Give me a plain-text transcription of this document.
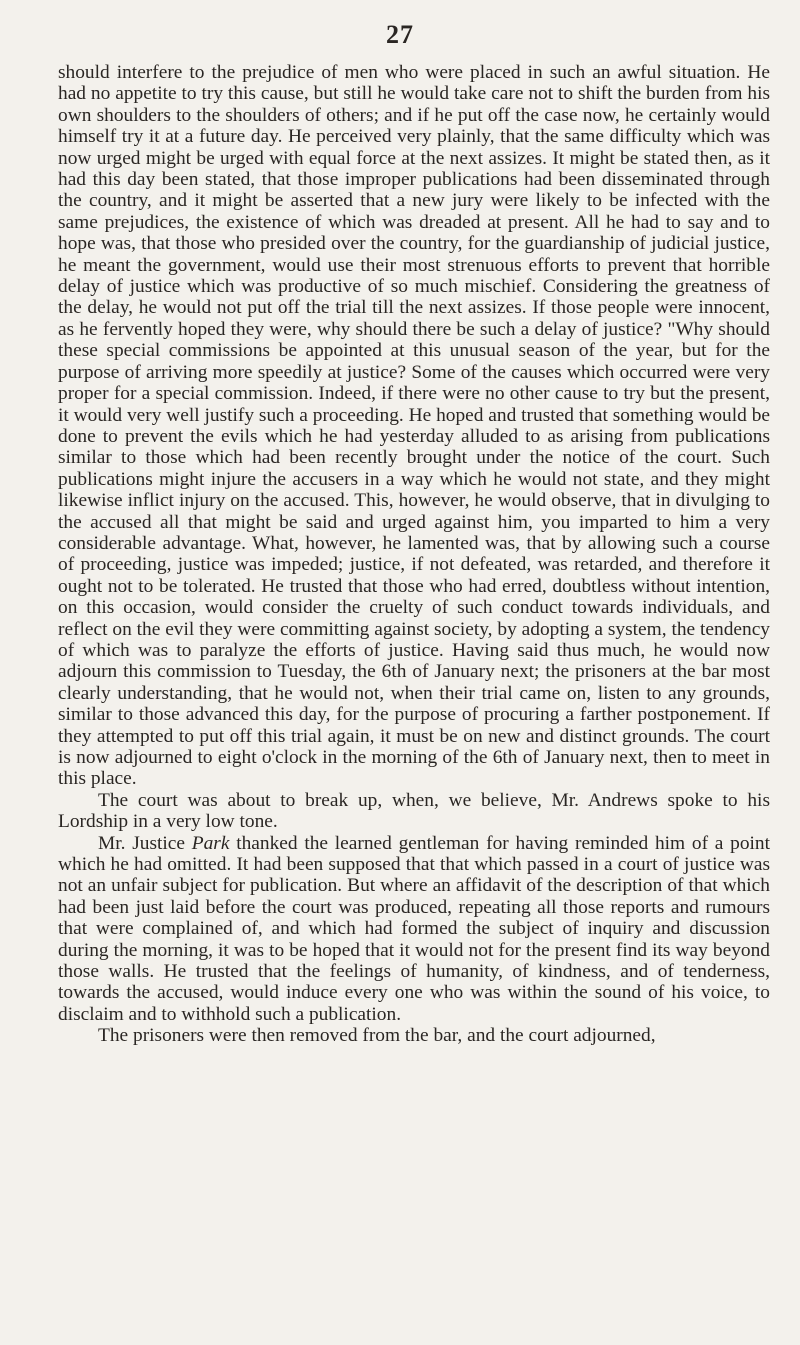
27

should interfere to the prejudice of men who were placed in such an awful situation. He had no appetite to try this cause, but still he would take care not to shift the burden from his own shoulders to the shoulders of others; and if he put off the case now, he certainly would himself try it at a future day. He perceived very plainly, that the same difficulty which was now urged might be urged with equal force at the next assizes. It might be stated then, as it had this day been stated, that those improper publications had been disseminated through the country, and it might be asserted that a new jury were likely to be infected with the same prejudices, the existence of which was dreaded at present. All he had to say and to hope was, that those who presided over the country, for the guardianship of judicial justice, he meant the government, would use their most strenuous efforts to prevent that horrible delay of justice which was productive of so much mischief. Considering the greatness of the delay, he would not put off the trial till the next assizes. If those people were innocent, as he fervently hoped they were, why should there be such a delay of justice? "Why should these special commissions be appointed at this unusual season of the year, but for the purpose of arriving more speedily at justice? Some of the causes which occurred were very proper for a special commission. Indeed, if there were no other cause to try but the present, it would very well justify such a proceeding. He hoped and trusted that something would be done to prevent the evils which he had yesterday alluded to as arising from publications similar to those which had been recently brought under the notice of the court. Such publications might injure the accusers in a way which he would not state, and they might likewise inflict injury on the accused. This, however, he would observe, that in divulging to the accused all that might be said and urged against him, you imparted to him a very considerable advantage. What, however, he lamented was, that by allowing such a course of proceeding, justice was impeded; justice, if not defeated, was retarded, and therefore it ought not to be tolerated. He trusted that those who had erred, doubtless without intention, on this occasion, would consider the cruelty of such conduct towards individuals, and reflect on the evil they were committing against society, by adopting a system, the tendency of which was to paralyze the efforts of justice. Having said thus much, he would now adjourn this commission to Tuesday, the 6th of January next; the prisoners at the bar most clearly understanding, that he would not, when their trial came on, listen to any grounds, similar to those advanced this day, for the purpose of procuring a farther postponement. If they attempted to put off this trial again, it must be on new and distinct grounds. The court is now adjourned to eight o'clock in the morning of the 6th of January next, then to meet in this place.

The court was about to break up, when, we believe, Mr. Andrews spoke to his Lordship in a very low tone.

Mr. Justice Park thanked the learned gentleman for having reminded him of a point which he had omitted. It had been supposed that that which passed in a court of justice was not an unfair subject for publication. But where an affidavit of the description of that which had been just laid before the court was produced, repeating all those reports and rumours that were complained of, and which had formed the subject of inquiry and discussion during the morning, it was to be hoped that it would not for the present find its way beyond those walls. He trusted that the feelings of humanity, of kindness, and of tenderness, towards the accused, would induce every one who was within the sound of his voice, to disclaim and to withhold such a publication.

The prisoners were then removed from the bar, and the court adjourned,
